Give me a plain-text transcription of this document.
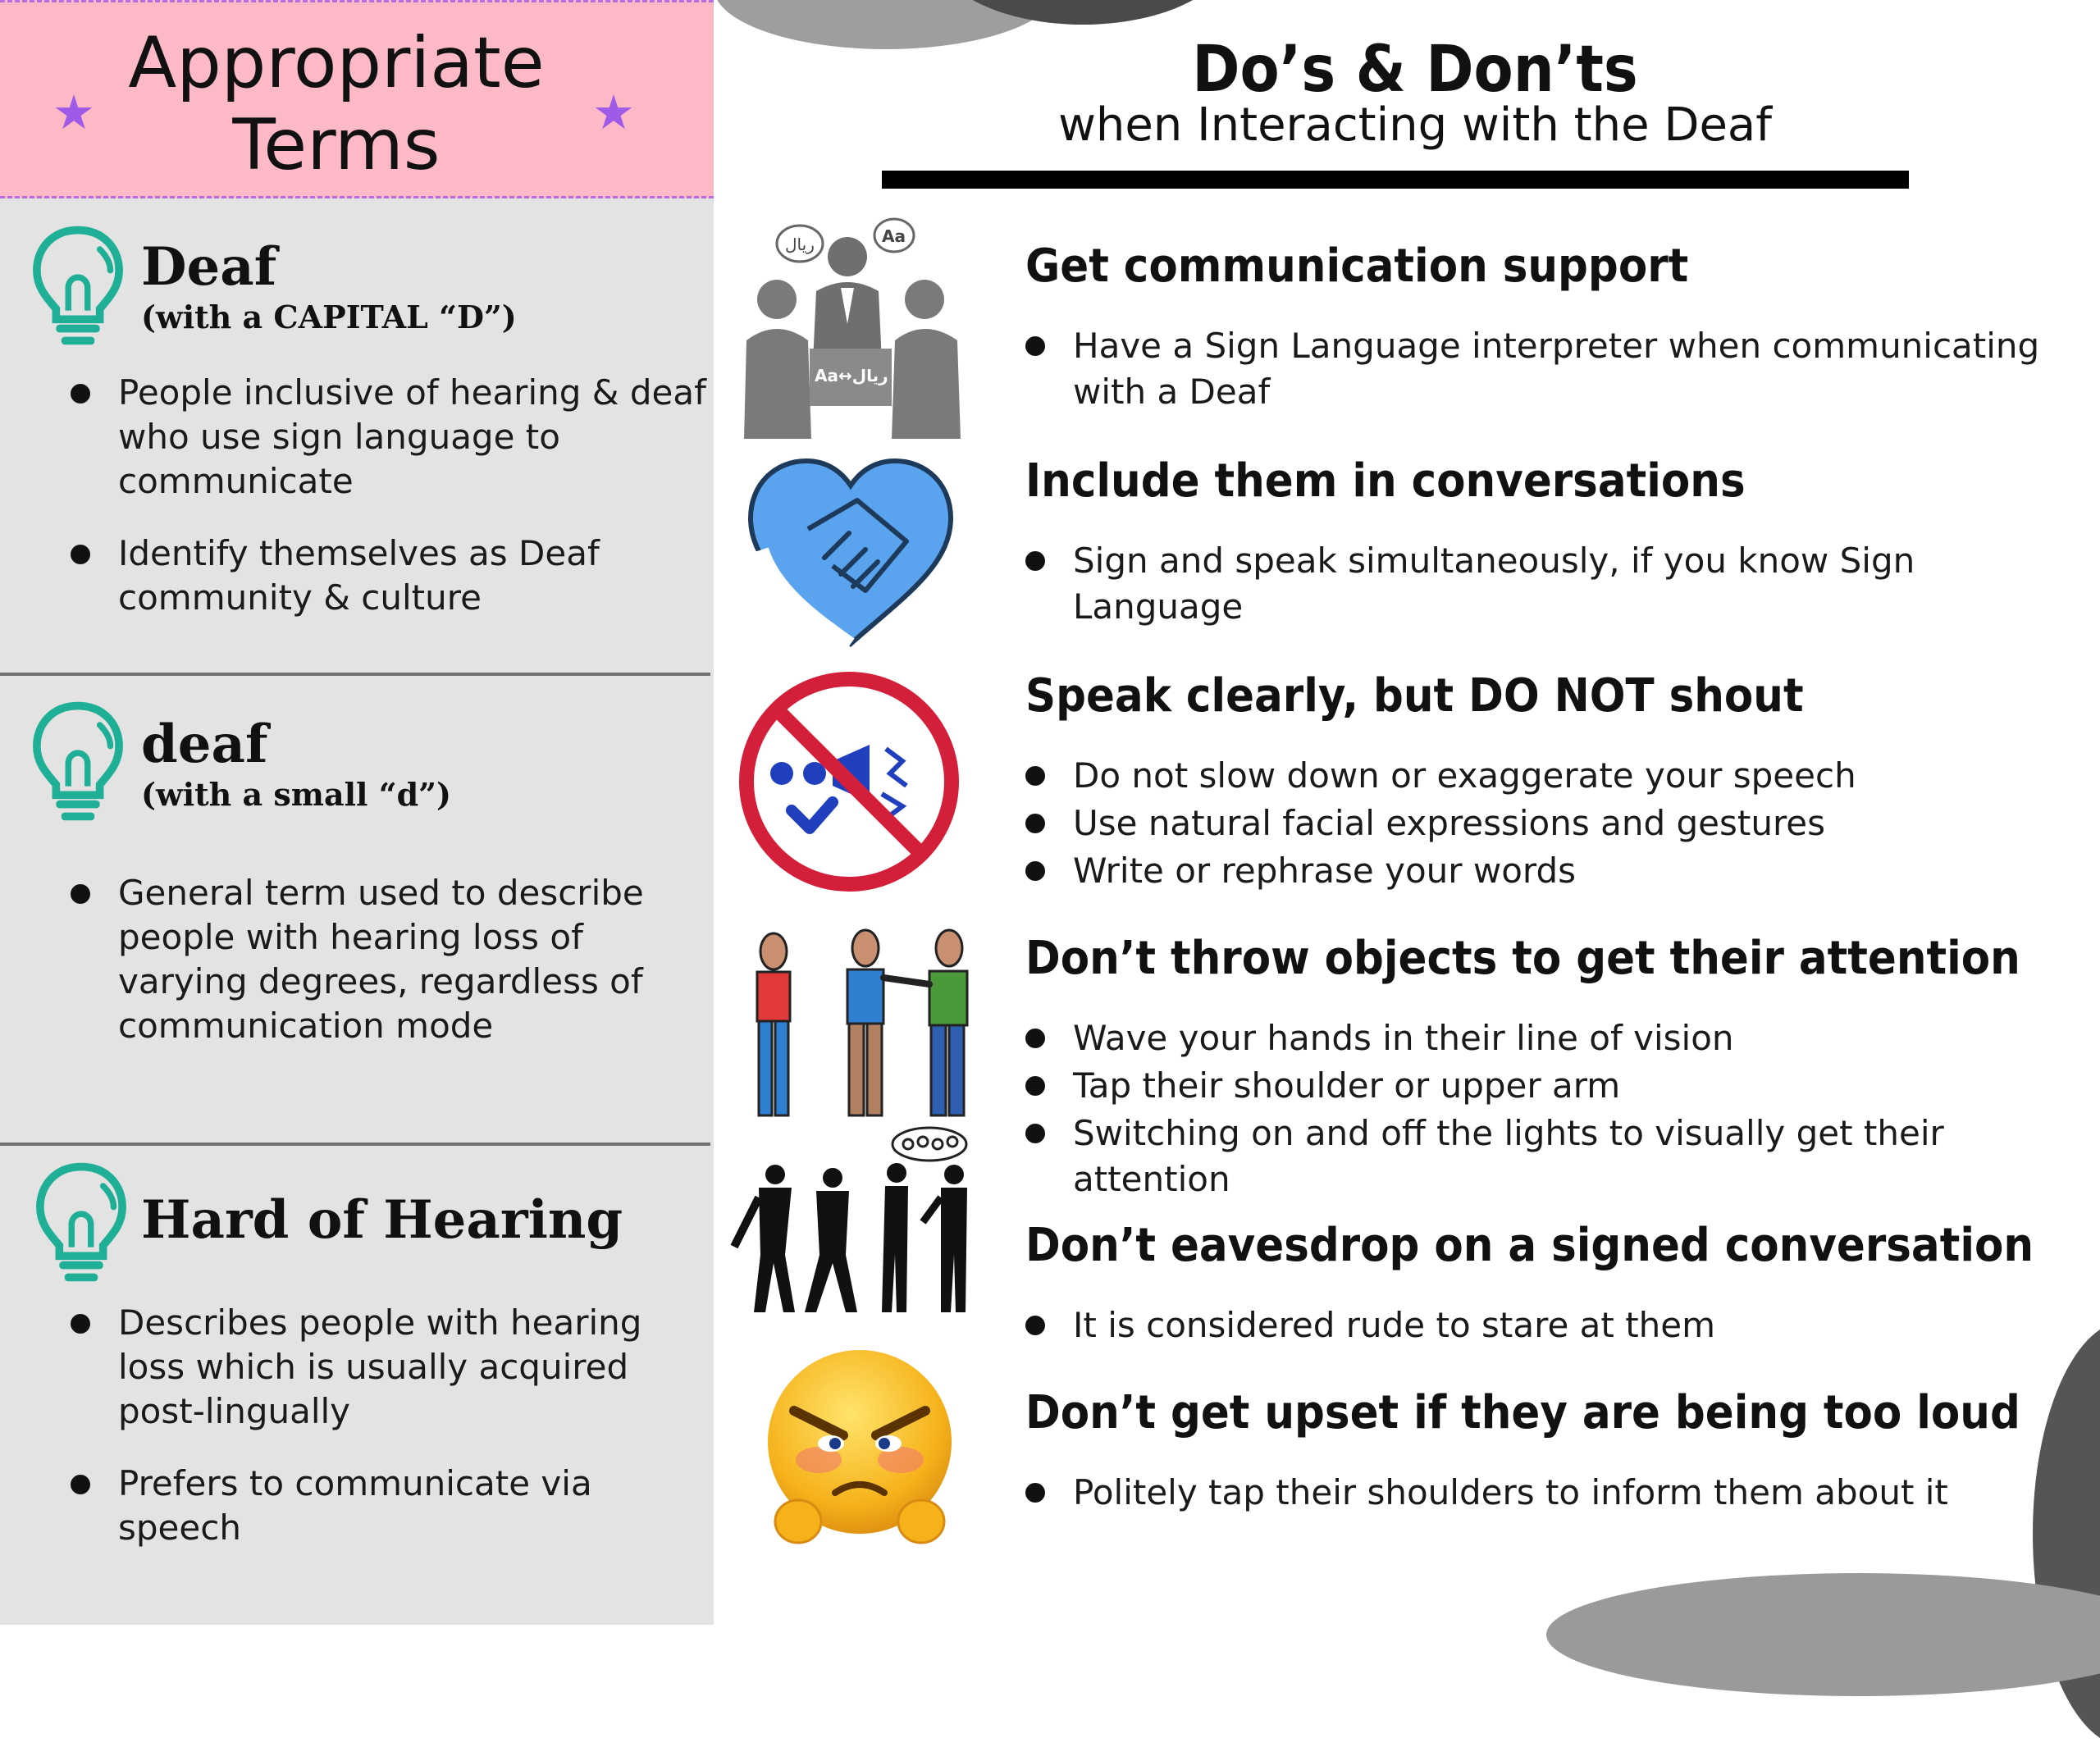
★
Appropriate
Terms	★
Deaf
(with a CAPITAL “D”)
People inclusive of hearing & deaf who use sign language to communicate
Identify themselves as Deaf community & culture
deaf
(with a small “d”)
General term used to describe people with hearing loss of varying degrees, regardless of communication mode
Hard of Hearing
Describes people with hearing loss which is usually acquired post-lingually
Prefers to communicate via speech
Do’s & Don’ts
when Interacting with the Deaf
ريال	Aa
Aa↔ريال
Get communication support
Have a Sign Language interpreter when communicating with a Deaf
Include them in conversations
Sign and speak simultaneously, if you know Sign Language
Speak clearly, but DO NOT shout
Do not slow down or exaggerate your speech
Use natural facial expressions and gestures
Write or rephrase your words
Don’t throw objects to get their attention
Wave your hands in their line of vision
Tap their shoulder or upper arm
Switching on and off the lights to visually get their attention
Don’t eavesdrop on a signed conversation
It is considered rude to stare at them
Don’t get upset if they are being too loud
Politely tap their shoulders to inform them about it
